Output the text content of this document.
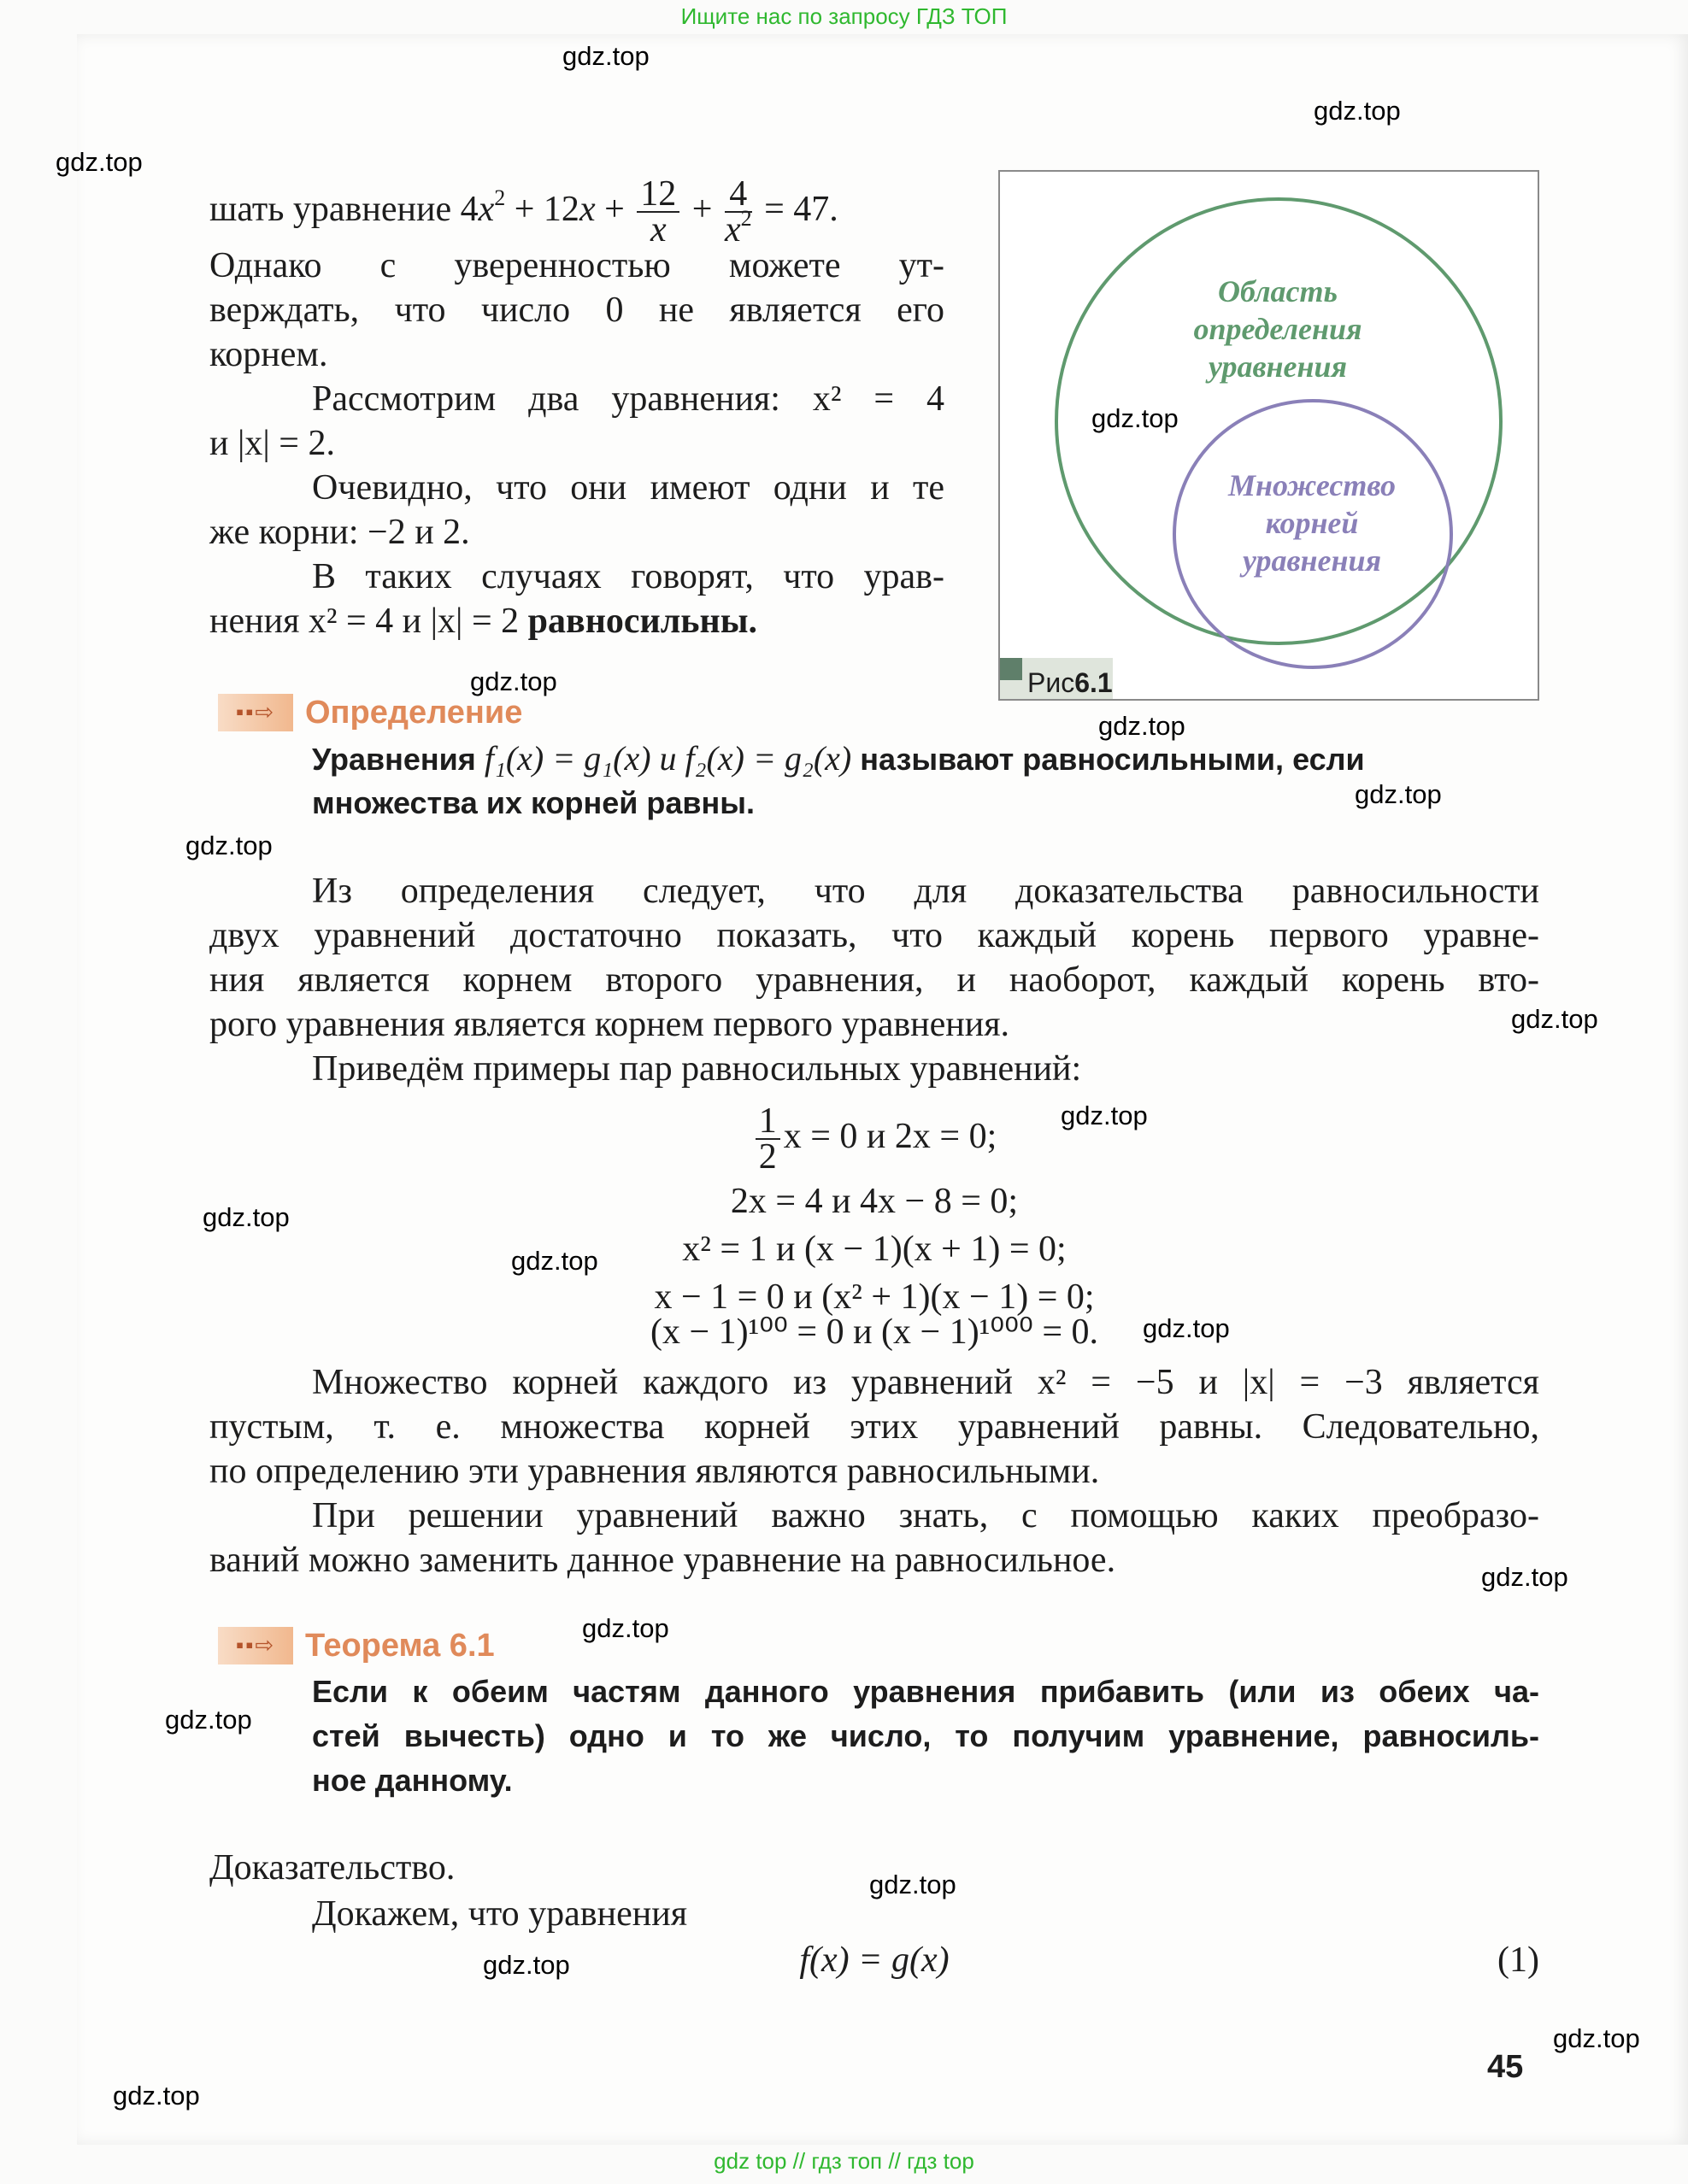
Ищите нас по запросу ГДЗ ТОП
gdz top // гдз топ // гдз top
шать уравнение $4x^2 + 12x + \frac{12}{x} + \frac{4}{x^2} = 47$.
Однако с уверенностью можете ут-
верждать, что число 0 не является его
корнем.
Рассмотрим два уравнения: x² = 4
и |x| = 2.
Очевидно, что они имеют одни и те
же корни: −2 и 2.
В таких случаях говорят, что урав-
нения x² = 4 и |x| = 2 равносильны.
Область
определения
уравнения
Множество
корней
уравнения
Рис 6.1
▪▪⇨ Определение
Уравнения f₁(x) = g₁(x) и f₂(x) = g₂(x) называют равносильными, если
множества их корней равны.
Из определения следует, что для доказательства равносильности
двух уравнений достаточно показать, что каждый корень первого уравне-
ния является корнем второго уравнения, и наоборот, каждый корень вто-
рого уравнения является корнем первого уравнения.
Приведём примеры пар равносильных уравнений:
$\frac{1}{2}$ x = 0 и 2x = 0;
2x = 4 и 4x − 8 = 0;
x² = 1 и (x − 1)(x + 1) = 0;
x − 1 = 0 и (x² + 1)(x − 1) = 0;
(x − 1)¹⁰⁰ = 0 и (x − 1)¹⁰⁰⁰ = 0.
Множество корней каждого из уравнений x² = −5 и |x| = −3 является
пустым, т. е. множества корней этих уравнений равны. Следовательно,
по определению эти уравнения являются равносильными.
При решении уравнений важно знать, с помощью каких преобразо-
ваний можно заменить данное уравнение на равносильное.
▪▪⇨ Теорема 6.1
Если к обеим частям данного уравнения прибавить (или из обеих ча-
стей вычесть) одно и то же число, то получим уравнение, равносиль-
ное данному.
Доказательство.
Докажем, что уравнения
f(x) = g(x)	(1)
45
gdz.top
gdz.top
gdz.top
gdz.top
gdz.top
gdz.top
gdz.top
gdz.top
gdz.top
gdz.top
gdz.top
gdz.top
gdz.top
gdz.top
gdz.top
gdz.top
gdz.top
gdz.top
gdz.top
gdz.top
